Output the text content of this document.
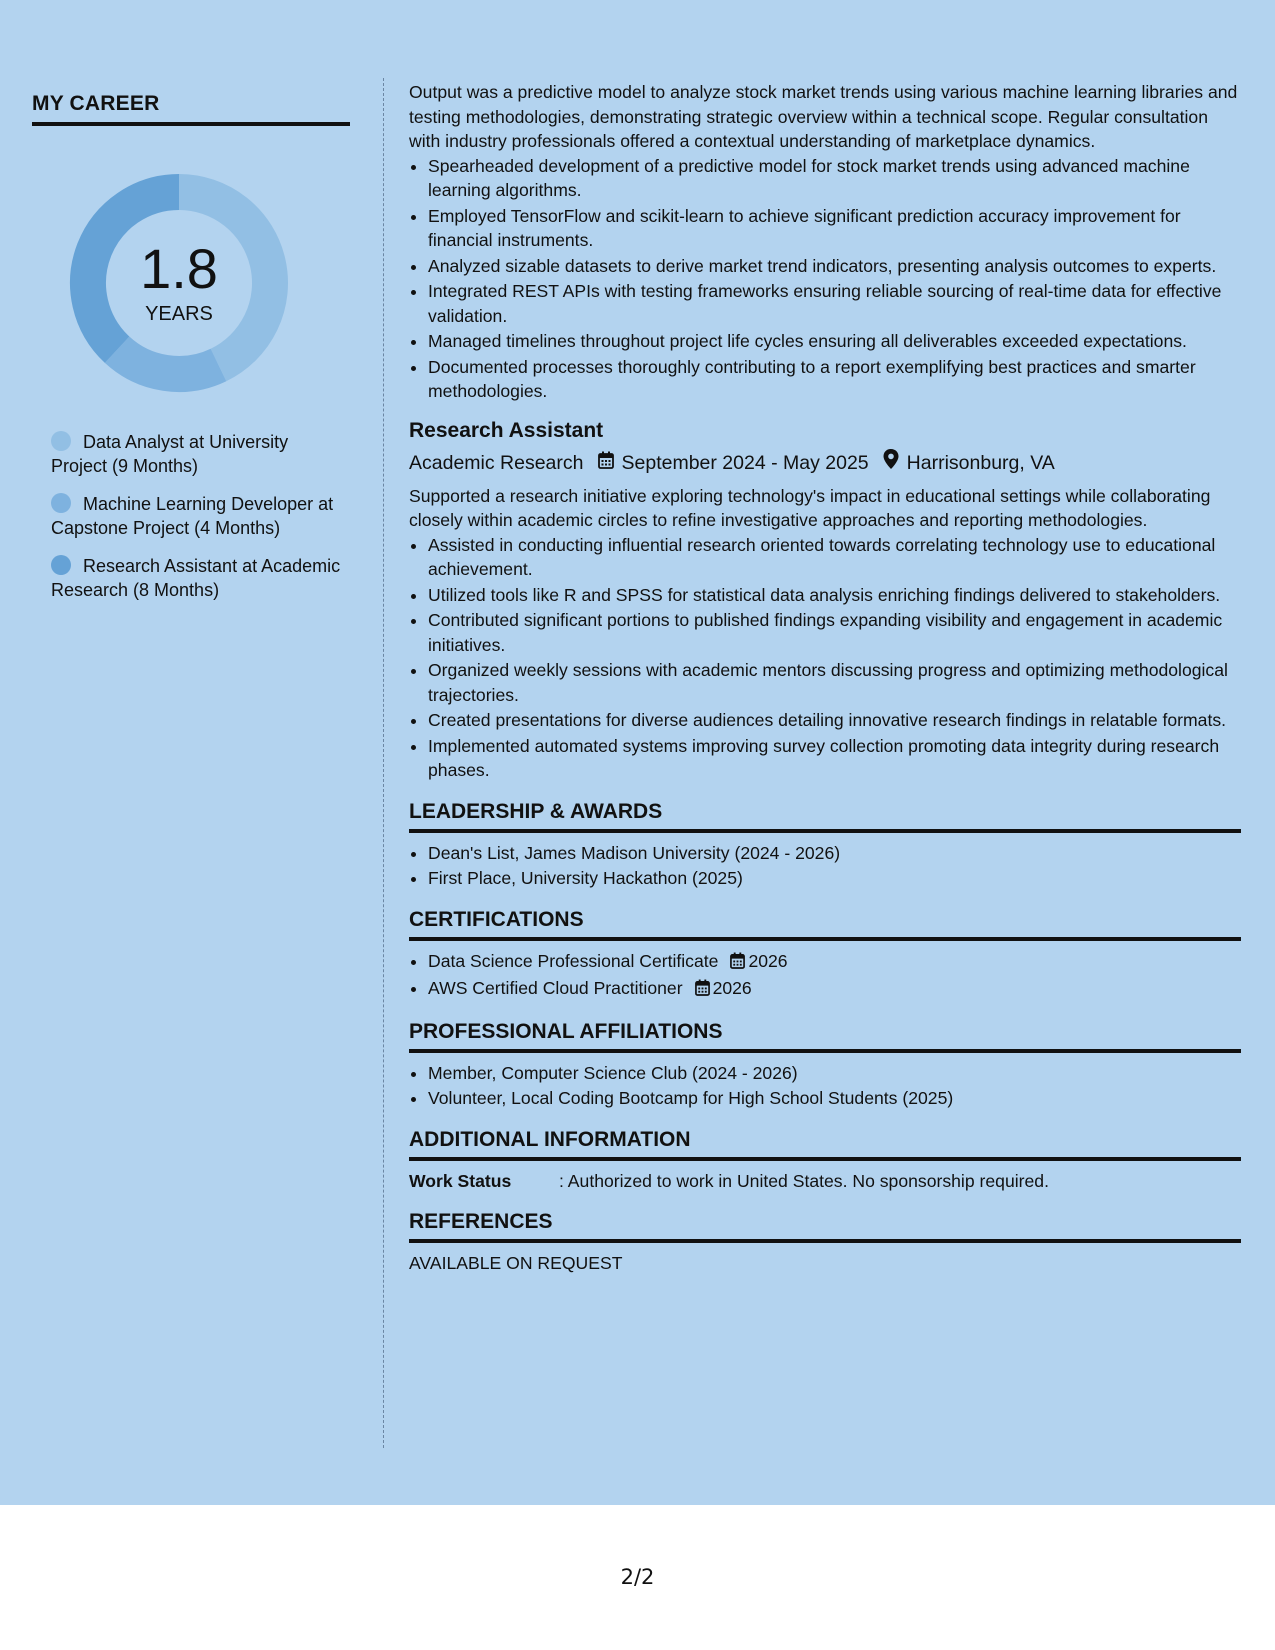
MY CAREER
1.8
YEARS
Data Analyst at University Project (9 Months)
Machine Learning Developer at Capstone Project (4 Months)
Research Assistant at Academic Research (8 Months)

Output was a predictive model to analyze stock market trends using various machine learning libraries and testing methodologies, demonstrating strategic overview within a technical scope. Regular consultation with industry professionals offered a contextual understanding of marketplace dynamics.

• Spearheaded development of a predictive model for stock market trends using advanced machine learning algorithms.
• Employed TensorFlow and scikit-learn to achieve significant prediction accuracy improvement for financial instruments.
• Analyzed sizable datasets to derive market trend indicators, presenting analysis outcomes to experts.
• Integrated REST APIs with testing frameworks ensuring reliable sourcing of real-time data for effective validation.
• Managed timelines throughout project life cycles ensuring all deliverables exceeded expectations.
• Documented processes thoroughly contributing to a report exemplifying best practices and smarter methodologies.
Research Assistant
Academic Research September 2024 - May 2025 Harrisonburg, VA

Supported a research initiative exploring technology's impact in educational settings while collaborating closely within academic circles to refine investigative approaches and reporting methodologies.

• Assisted in conducting influential research oriented towards correlating technology use to educational achievement.
• Utilized tools like R and SPSS for statistical data analysis enriching findings delivered to stakeholders.
• Contributed significant portions to published findings expanding visibility and engagement in academic initiatives.
• Organized weekly sessions with academic mentors discussing progress and optimizing methodological trajectories.
• Created presentations for diverse audiences detailing innovative research findings in relatable formats.
• Implemented automated systems improving survey collection promoting data integrity during research phases.
LEADERSHIP & AWARDS
• Dean's List, James Madison University (2024 - 2026)
• First Place, University Hackathon (2025)
CERTIFICATIONS
• Data Science Professional Certificate 2026
• AWS Certified Cloud Practitioner 2026
PROFESSIONAL AFFILIATIONS
• Member, Computer Science Club (2024 - 2026)
• Volunteer, Local Coding Bootcamp for High School Students (2025)
ADDITIONAL INFORMATION
Work Status	: Authorized to work in United States. No sponsorship required.
REFERENCES
AVAILABLE ON REQUEST
2/2
